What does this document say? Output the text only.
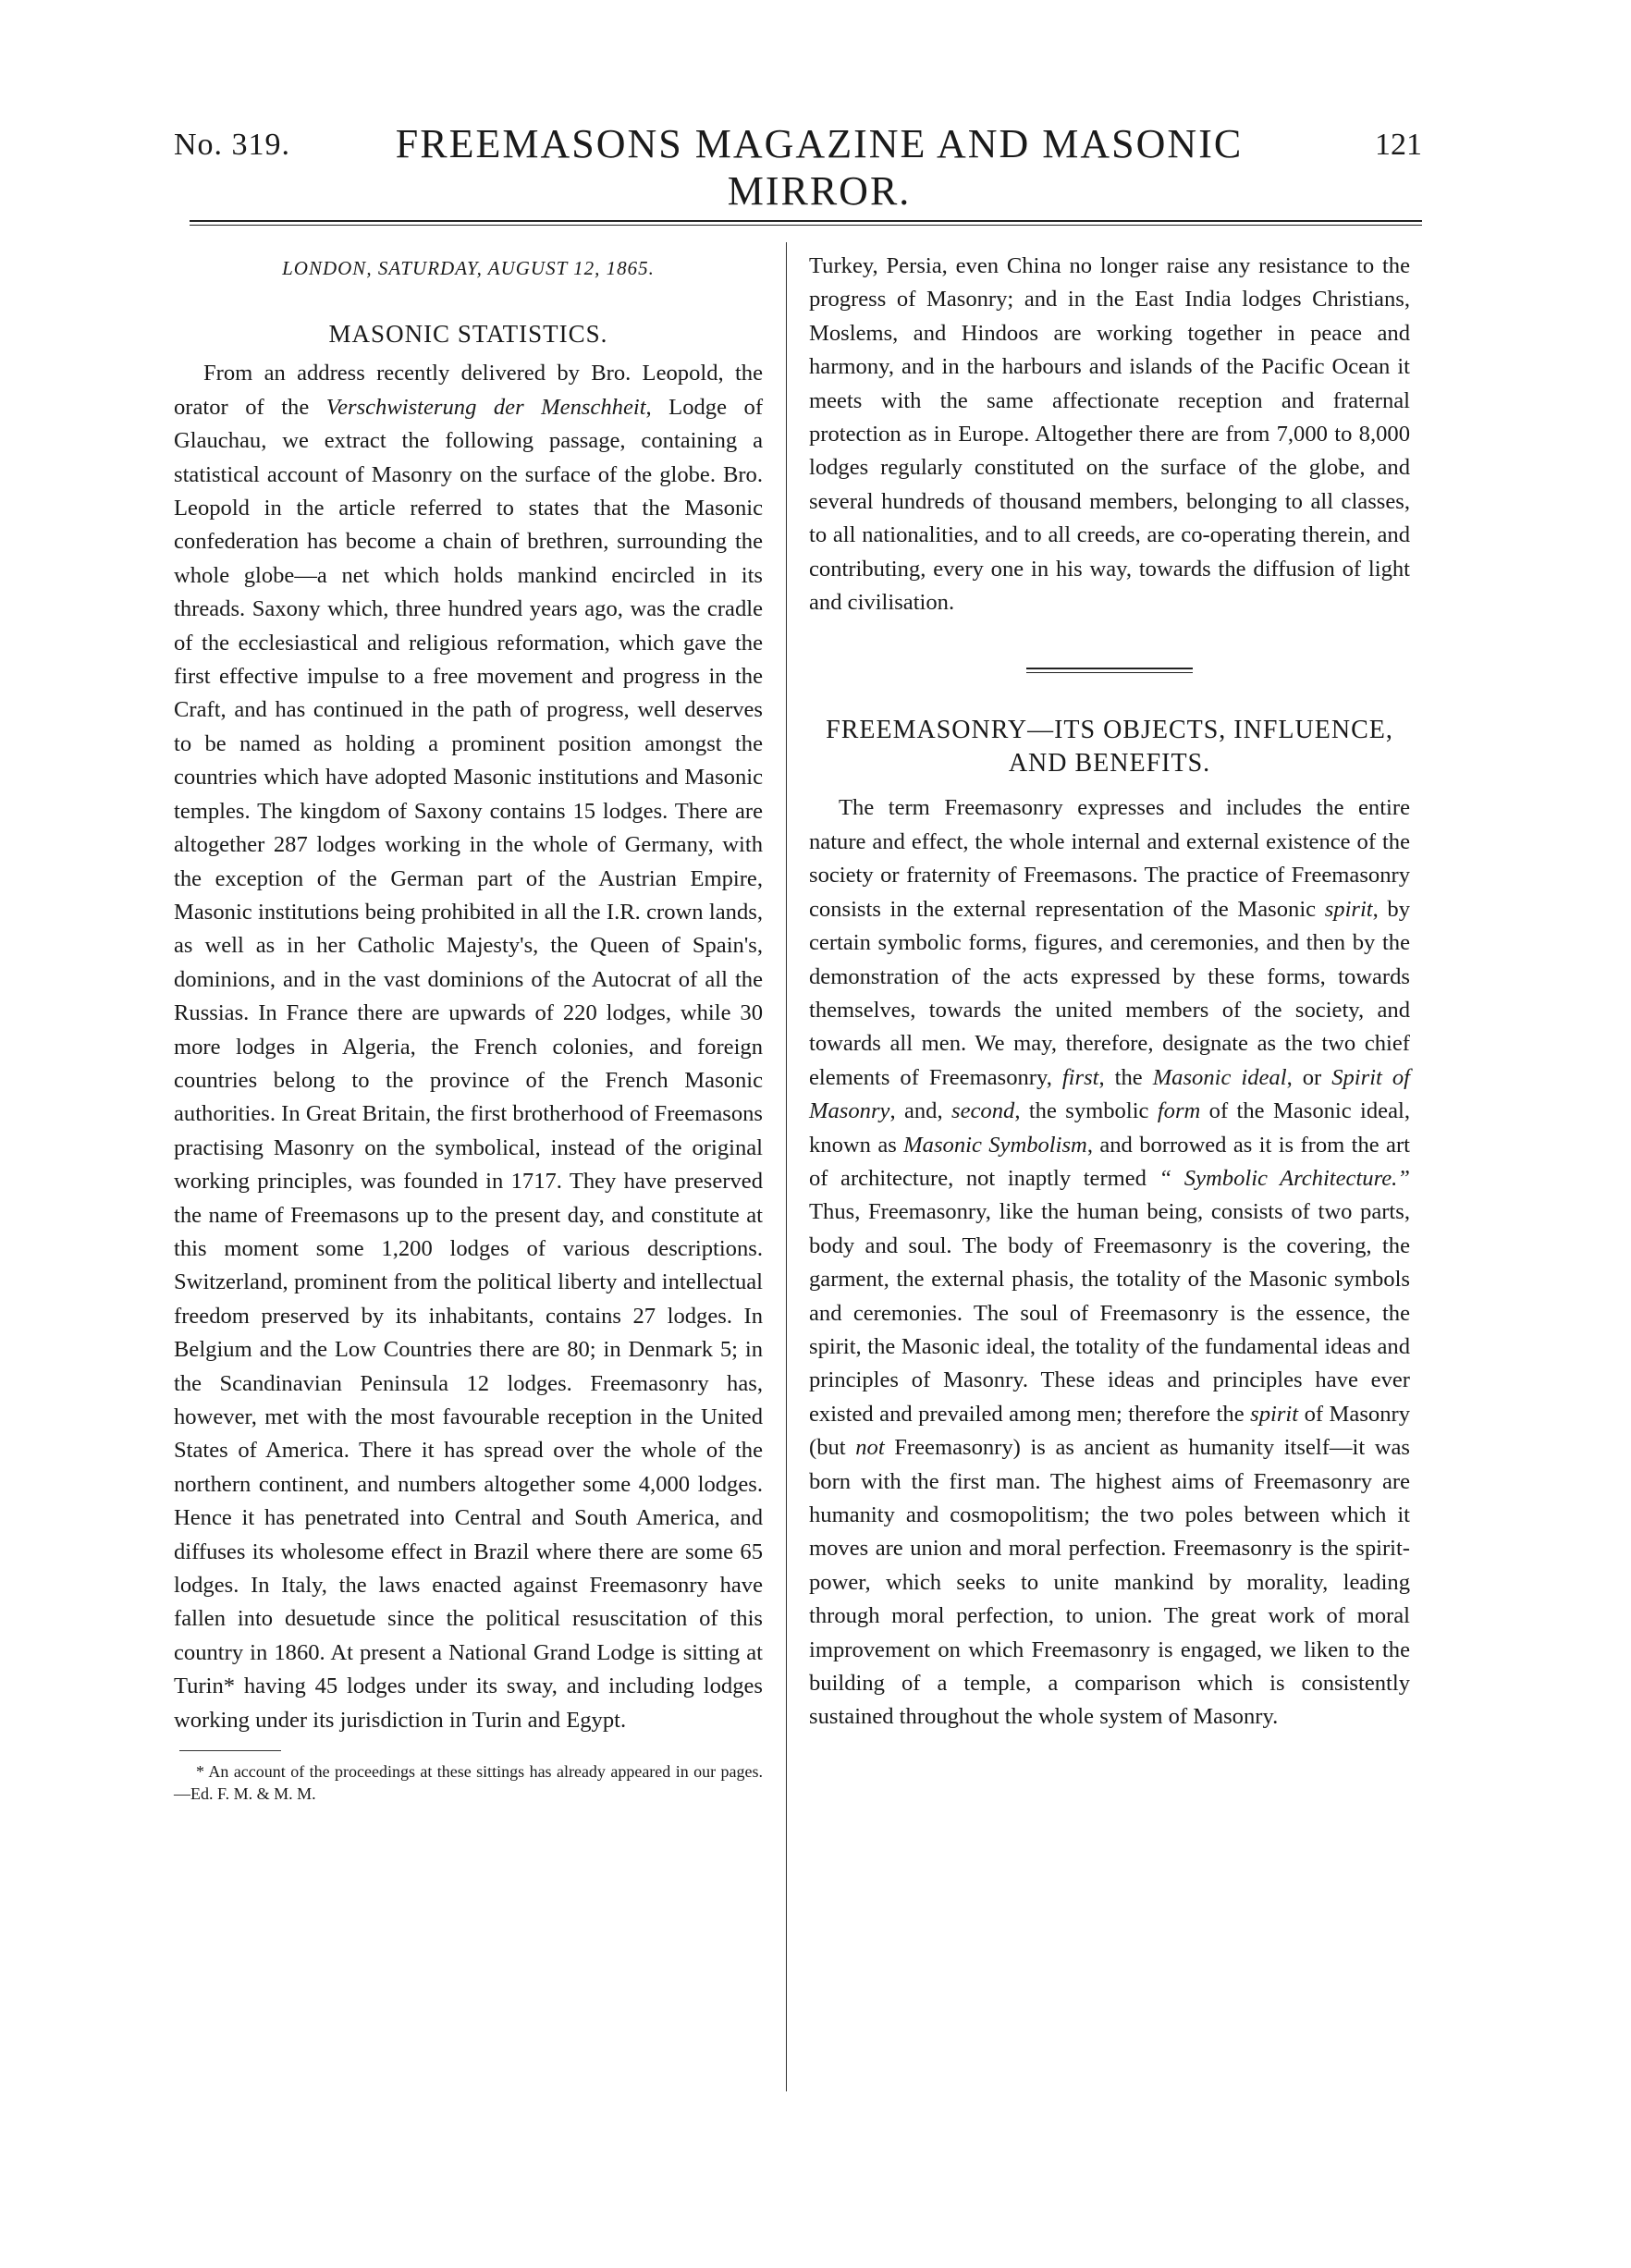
No. 319.	FREEMASONS MAGAZINE AND MASONIC MIRROR.
121
LONDON, SATURDAY, AUGUST 12, 1865.
MASONIC STATISTICS.

From an address recently delivered by Bro. Leopold, the orator of the Verschwisterung der Menschheit, Lodge of Glauchau, we extract the following passage, containing a statistical account of Masonry on the surface of the globe. Bro. Leopold in the article referred to states that the Masonic confederation has become a chain of brethren, surrounding the whole globe—a net which holds mankind encircled in its threads. Saxony which, three hundred years ago, was the cradle of the ecclesiastical and religious reformation, which gave the first effective impulse to a free movement and progress in the Craft, and has continued in the path of progress, well deserves to be named as holding a prominent position amongst the countries which have adopted Masonic institutions and Masonic temples. The kingdom of Saxony contains 15 lodges. There are altogether 287 lodges working in the whole of Germany, with the exception of the German part of the Austrian Empire, Masonic institutions being prohibited in all the I.R. crown lands, as well as in her Catholic Majesty's, the Queen of Spain's, dominions, and in the vast dominions of the Autocrat of all the Russias. In France there are upwards of 220 lodges, while 30 more lodges in Algeria, the French colonies, and foreign countries belong to the province of the French Masonic authorities. In Great Britain, the first brotherhood of Freemasons practising Masonry on the symbolical, instead of the original working principles, was founded in 1717. They have preserved the name of Freemasons up to the present day, and constitute at this moment some 1,200 lodges of various descriptions. Switzerland, prominent from the political liberty and intellectual freedom preserved by its inhabitants, contains 27 lodges. In Belgium and the Low Countries there are 80; in Denmark 5; in the Scandinavian Peninsula 12 lodges. Freemasonry has, however, met with the most favourable reception in the United States of America. There it has spread over the whole of the northern continent, and numbers altogether some 4,000 lodges. Hence it has penetrated into Central and South America, and diffuses its wholesome effect in Brazil where there are some 65 lodges. In Italy, the laws enacted against Freemasonry have fallen into desuetude since the political resuscitation of this country in 1860. At present a National Grand Lodge is sitting at Turin* having 45 lodges under its sway, and including lodges working under its jurisdiction in Turin and Egypt.

* An account of the proceedings at these sittings has already appeared in our pages.—Ed. F. M. & M. M.

Turkey, Persia, even China no longer raise any resistance to the progress of Masonry; and in the East India lodges Christians, Moslems, and Hindoos are working together in peace and harmony, and in the harbours and islands of the Pacific Ocean it meets with the same affectionate reception and fraternal protection as in Europe. Altogether there are from 7,000 to 8,000 lodges regularly constituted on the surface of the globe, and several hundreds of thousand members, belonging to all classes, to all nationalities, and to all creeds, are co-operating therein, and contributing, every one in his way, towards the diffusion of light and civilisation.

FREEMASONRY—ITS OBJECTS, INFLUENCE, AND BENEFITS.

The term Freemasonry expresses and includes the entire nature and effect, the whole internal and external existence of the society or fraternity of Freemasons. The practice of Freemasonry consists in the external representation of the Masonic spirit, by certain symbolic forms, figures, and ceremonies, and then by the demonstration of the acts expressed by these forms, towards themselves, towards the united members of the society, and towards all men. We may, therefore, designate as the two chief elements of Freemasonry, first, the Masonic ideal, or Spirit of Masonry, and, second, the symbolic form of the Masonic ideal, known as Masonic Symbolism, and borrowed as it is from the art of architecture, not inaptly termed “ Symbolic Architecture.” Thus, Freemasonry, like the human being, consists of two parts, body and soul. The body of Freemasonry is the covering, the garment, the external phasis, the totality of the Masonic symbols and ceremonies. The soul of Freemasonry is the essence, the spirit, the Masonic ideal, the totality of the fundamental ideas and principles of Masonry. These ideas and principles have ever existed and prevailed among men; therefore the spirit of Masonry (but not Freemasonry) is as ancient as humanity itself—it was born with the first man. The highest aims of Freemasonry are humanity and cosmopolitism; the two poles between which it moves are union and moral perfection. Freemasonry is the spirit-power, which seeks to unite mankind by morality, leading through moral perfection, to union. The great work of moral improvement on which Freemasonry is engaged, we liken to the building of a temple, a comparison which is consistently sustained throughout the whole system of Masonry.
